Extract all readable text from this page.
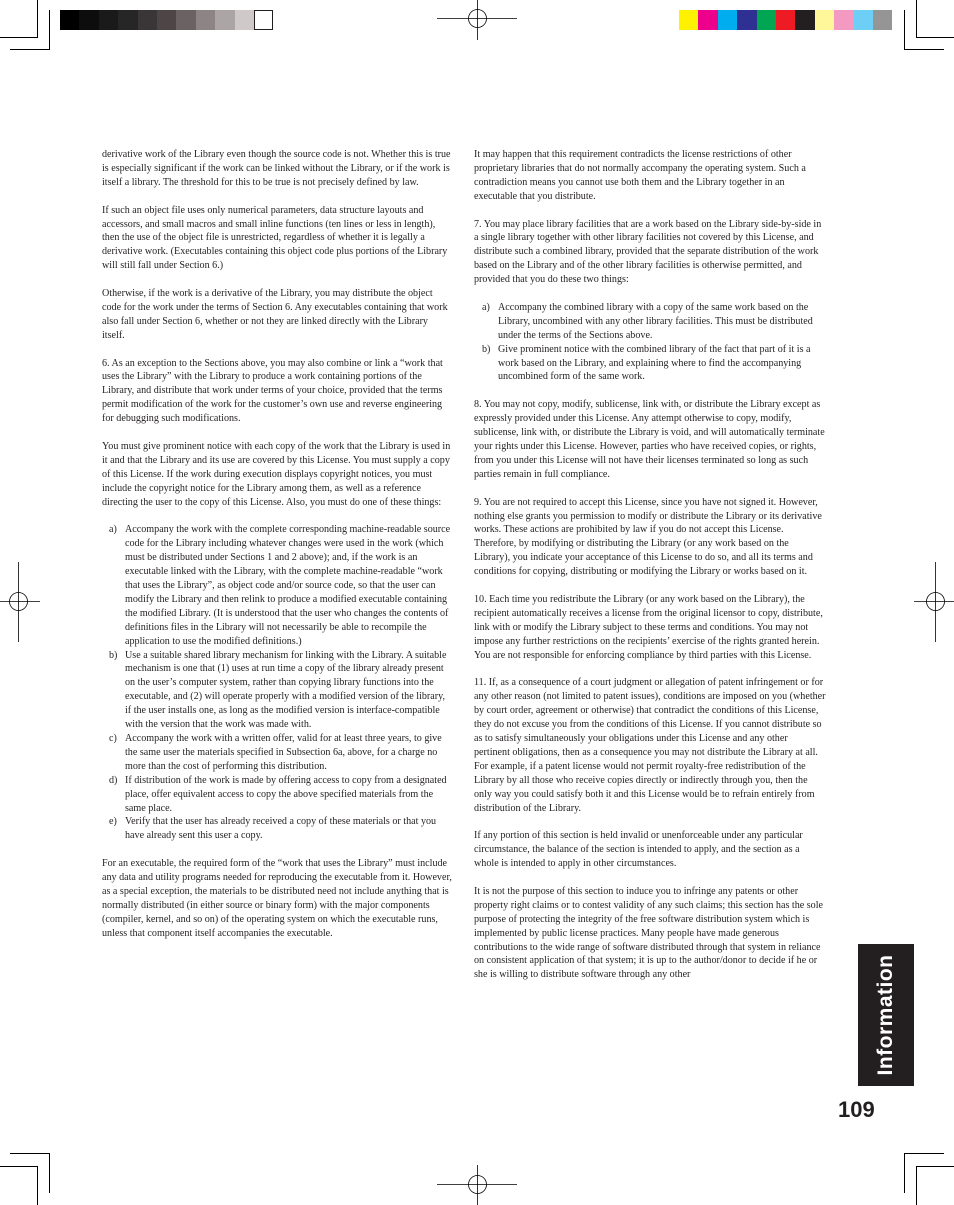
derivative work of the Library even though the source code is not. Whether this is true is especially significant if the work can be linked without the Library, or if the work is itself a library. The threshold for this to be true is not precisely defined by law.

If such an object file uses only numerical parameters, data structure layouts and accessors, and small macros and small inline functions (ten lines or less in length), then the use of the object file is unrestricted, regardless of whether it is legally a derivative work. (Executables containing this object code plus portions of the Library will still fall under Section 6.)

Otherwise, if the work is a derivative of the Library, you may distribute the object code for the work under the terms of Section 6. Any executables containing that work also fall under Section 6, whether or not they are linked directly with the Library itself.

6. As an exception to the Sections above, you may also combine or link a “work that uses the Library” with the Library to produce a work containing portions of the Library, and distribute that work under terms of your choice, provided that the terms permit modification of the work for the customer’s own use and reverse engineering for debugging such modifications.

You must give prominent notice with each copy of the work that the Library is used in it and that the Library and its use are covered by this License. You must supply a copy of this License. If the work during execution displays copyright notices, you must include the copyright notice for the Library among them, as well as a reference directing the user to the copy of this License. Also, you must do one of these things:

a) Accompany the work with the complete corresponding machine-readable source code for the Library including whatever changes were used in the work (which must be distributed under Sections 1 and 2 above); and, if the work is an executable linked with the Library, with the complete machine-readable “work that uses the Library”, as object code and/or source code, so that the user can modify the Library and then relink to produce a modified executable containing the modified Library. (It is understood that the user who changes the contents of definitions files in the Library will not necessarily be able to recompile the application to use the modified definitions.)
b) Use a suitable shared library mechanism for linking with the Library. A suitable mechanism is one that (1) uses at run time a copy of the library already present on the user’s computer system, rather than copying library functions into the executable, and (2) will operate properly with a modified version of the library, if the user installs one, as long as the modified version is interface-compatible with the version that the work was made with.
c) Accompany the work with a written offer, valid for at least three years, to give the same user the materials specified in Subsection 6a, above, for a charge no more than the cost of performing this distribution.
d) If distribution of the work is made by offering access to copy from a designated place, offer equivalent access to copy the above specified materials from the same place.
e) Verify that the user has already received a copy of these materials or that you have already sent this user a copy.

For an executable, the required form of the “work that uses the Library” must include any data and utility programs needed for reproducing the executable from it. However, as a special exception, the materials to be distributed need not include anything that is normally distributed (in either source or binary form) with the major components (compiler, kernel, and so on) of the operating system on which the executable runs, unless that component itself accompanies the executable.

It may happen that this requirement contradicts the license restrictions of other proprietary libraries that do not normally accompany the operating system. Such a contradiction means you cannot use both them and the Library together in an executable that you distribute.

7. You may place library facilities that are a work based on the Library side-by-side in a single library together with other library facilities not covered by this License, and distribute such a combined library, provided that the separate distribution of the work based on the Library and of the other library facilities is otherwise permitted, and provided that you do these two things:

a) Accompany the combined library with a copy of the same work based on the Library, uncombined with any other library facilities. This must be distributed under the terms of the Sections above.
b) Give prominent notice with the combined library of the fact that part of it is a work based on the Library, and explaining where to find the accompanying uncombined form of the same work.

8. You may not copy, modify, sublicense, link with, or distribute the Library except as expressly provided under this License. Any attempt otherwise to copy, modify, sublicense, link with, or distribute the Library is void, and will automatically terminate your rights under this License. However, parties who have received copies, or rights, from you under this License will not have their licenses terminated so long as such parties remain in full compliance.

9. You are not required to accept this License, since you have not signed it. However, nothing else grants you permission to modify or distribute the Library or its derivative works. These actions are prohibited by law if you do not accept this License. Therefore, by modifying or distributing the Library (or any work based on the Library), you indicate your acceptance of this License to do so, and all its terms and conditions for copying, distributing or modifying the Library or works based on it.

10. Each time you redistribute the Library (or any work based on the Library), the recipient automatically receives a license from the original licensor to copy, distribute, link with or modify the Library subject to these terms and conditions. You may not impose any further restrictions on the recipients’ exercise of the rights granted herein. You are not responsible for enforcing compliance by third parties with this License.

11. If, as a consequence of a court judgment or allegation of patent infringement or for any other reason (not limited to patent issues), conditions are imposed on you (whether by court order, agreement or otherwise) that contradict the conditions of this License, they do not excuse you from the conditions of this License. If you cannot distribute so as to satisfy simultaneously your obligations under this License and any other pertinent obligations, then as a consequence you may not distribute the Library at all. For example, if a patent license would not permit royalty-free redistribution of the Library by all those who receive copies directly or indirectly through you, then the only way you could satisfy both it and this License would be to refrain entirely from distribution of the Library.

If any portion of this section is held invalid or unenforceable under any particular circumstance, the balance of the section is intended to apply, and the section as a whole is intended to apply in other circumstances.

It is not the purpose of this section to induce you to infringe any patents or other property right claims or to contest validity of any such claims; this section has the sole purpose of protecting the integrity of the free software distribution system which is implemented by public license practices. Many people have made generous contributions to the wide range of software distributed through that system in reliance on consistent application of that system; it is up to the author/donor to decide if he or she is willing to distribute software through any other	Information
109
